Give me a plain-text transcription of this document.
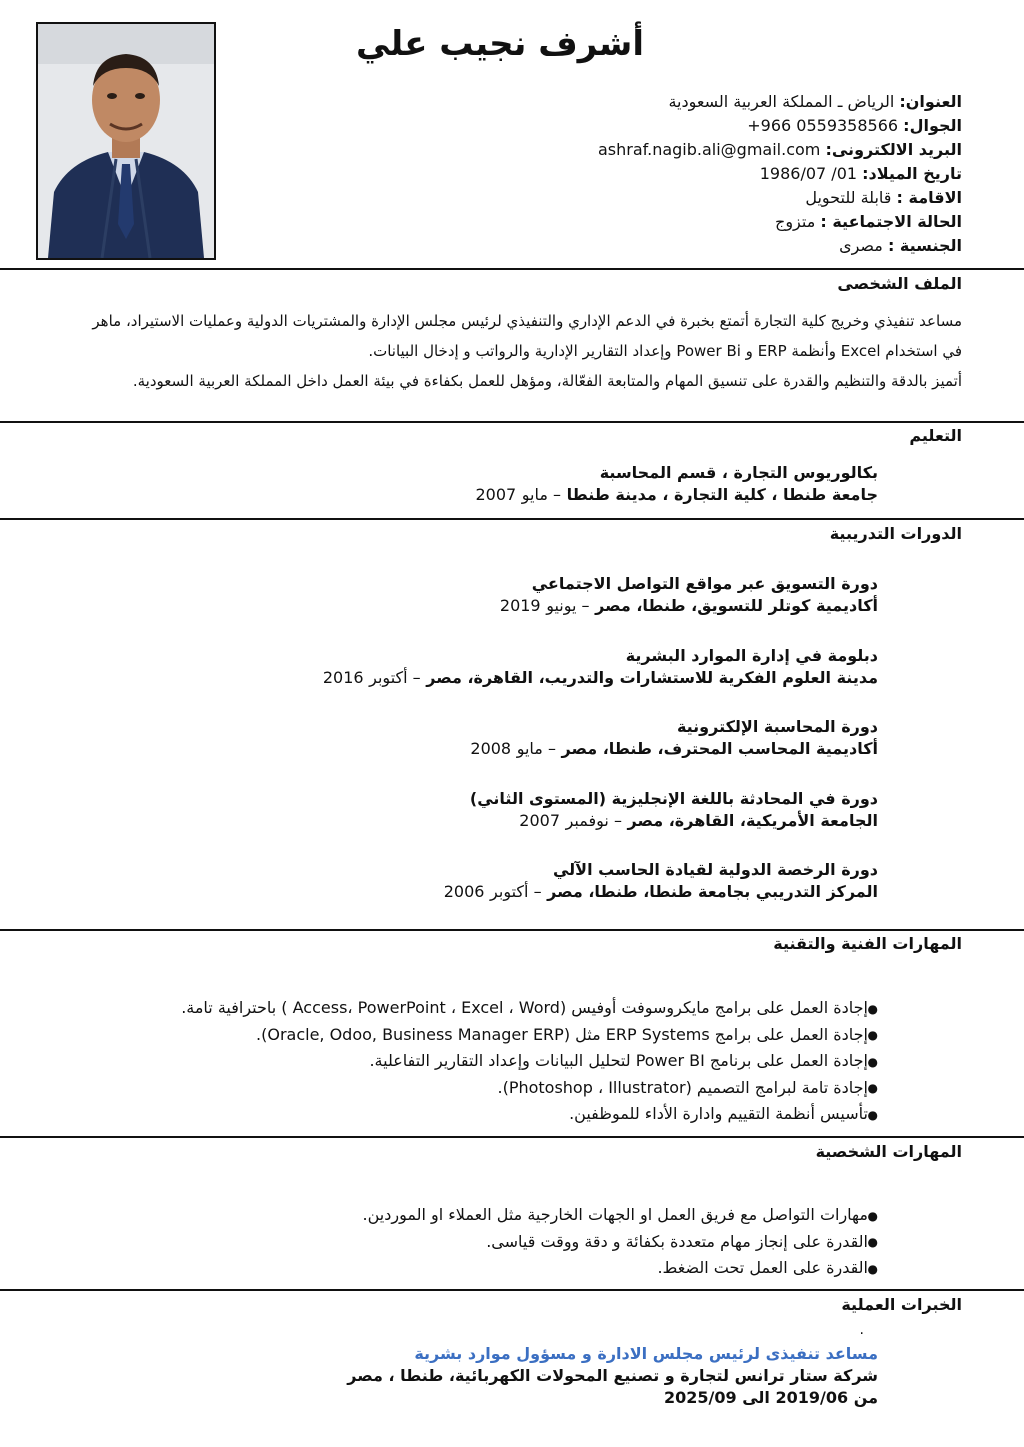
أشرف نجيب علي
العنوان: الرياض ـ المملكة العربية السعودية
الجوال: +966 0559358566
البريد الالكترونى: ashraf.nagib.ali@gmail.com
تاريخ الميلاد: 01/ 1986/07
الاقامة : قابلة للتحويل
الحالة الاجتماعية : متزوج
الجنسية : مصرى
الملف الشخصى

مساعد تنفيذي وخريج كلية التجارة أتمتع بخبرة في الدعم الإداري والتنفيذي لرئيس مجلس الإدارة والمشتريات الدولية وعمليات الاستيراد، ماهر

في استخدام Excel وأنظمة ERP و Power Bi وإعداد التقارير الإدارية والرواتب و إدخال البيانات.

أتميز بالدقة والتنظيم والقدرة على تنسيق المهام والمتابعة الفعّالة، ومؤهل للعمل بكفاءة في بيئة العمل داخل المملكة العربية السعودية.

التعليم
بكالوريوس التجارة ، قسم المحاسبة
جامعة طنطا ، كلية التجارة ، مدينة طنطا – مايو 2007
الدورات التدريبية
دورة التسويق عبر مواقع التواصل الاجتماعي
أكاديمية كوتلر للتسويق، طنطا، مصر – يونيو 2019
دبلومة في إدارة الموارد البشرية
مدينة العلوم الفكرية للاستشارات والتدريب، القاهرة، مصر – أكتوبر 2016
دورة المحاسبة الإلكترونية
أكاديمية المحاسب المحترف، طنطا، مصر – مايو 2008
دورة في المحادثة باللغة الإنجليزية (المستوى الثاني)
الجامعة الأمريكية، القاهرة، مصر – نوفمبر 2007
دورة الرخصة الدولية لقيادة الحاسب الآلي
المركز التدريبي بجامعة طنطا، طنطا، مصر – أكتوبر 2006
المهارات الفنية والتقنية
●إجادة العمل على برامج مايكروسوفت أوفيس (Access، PowerPoint ، Excel ، Word ) باحترافية تامة.
●إجادة العمل على برامج ERP Systems مثل (Oracle, Odoo, Business Manager ERP).
●إجادة العمل على برنامج Power BI لتحليل البيانات وإعداد التقارير التفاعلية.
●إجادة تامة لبرامج التصميم (Photoshop ، Illustrator).
●تأسيس أنظمة التقييم وادارة الأداء للموظفين.
المهارات الشخصية
●مهارات التواصل مع فريق العمل او الجهات الخارجية مثل العملاء او الموردين.
●القدرة على إنجاز مهام متعددة بكفائة و دقة ووقت قياسى.
●القدرة على العمل تحت الضغط.
الخبرات العملية
.
مساعد تنفيذى لرئيس مجلس الادارة و مسؤول موارد بشرية
شركة ستار ترانس لتجارة و تصنيع المحولات الكهربائية، طنطا ، مصر
من 2019/06 الى 2025/09
